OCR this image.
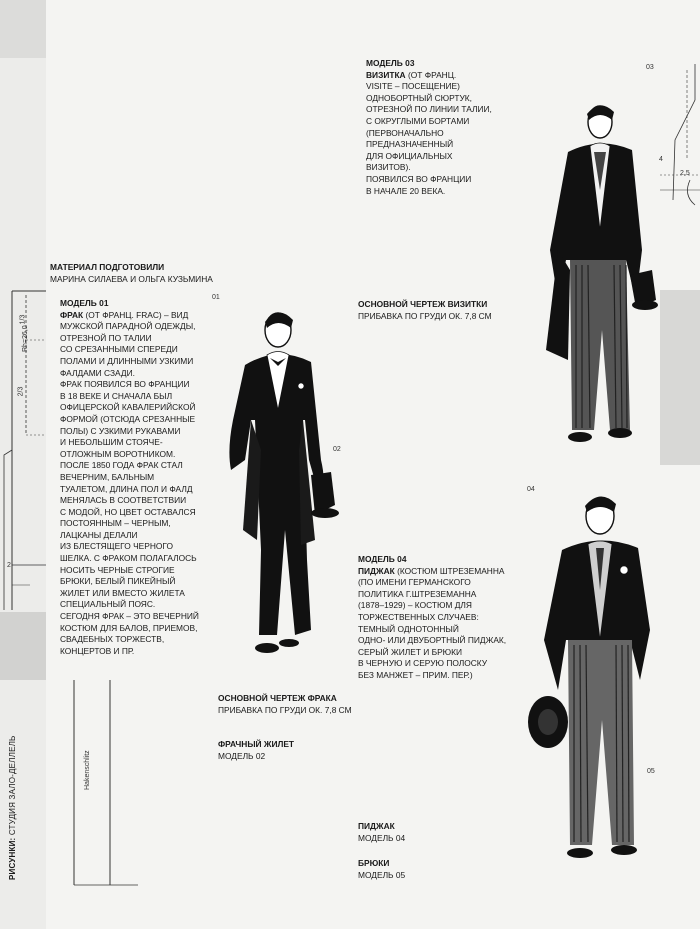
1/3
2/3
Rh=26,0
2
03
2,5
4
Hakenschlitz
РИСУНКИ: СТУДИЯ ЗАЛО-ДЕЛЛЕЛЬ
МАТЕРИАЛ ПОДГОТОВИЛИ
МАРИНА СИЛАЕВА И ОЛЬГА КУЗЬМИНА
МОДЕЛЬ 01
ФРАК (ОТ ФРАНЦ. FRAC) – ВИД
МУЖСКОЙ ПАРАДНОЙ ОДЕЖДЫ,
ОТРЕЗНОЙ ПО ТАЛИИ
СО СРЕЗАННЫМИ СПЕРЕДИ
ПОЛАМИ И ДЛИННЫМИ УЗКИМИ
ФАЛДАМИ СЗАДИ.
ФРАК ПОЯВИЛСЯ ВО ФРАНЦИИ
В 18 ВЕКЕ И СНАЧАЛА БЫЛ
ОФИЦЕРСКОЙ КАВАЛЕРИЙСКОЙ
ФОРМОЙ (ОТСЮДА СРЕЗАННЫЕ
ПОЛЫ) С УЗКИМИ РУКАВАМИ
И НЕБОЛЬШИМ СТОЯЧЕ-
ОТЛОЖНЫМ ВОРОТНИКОМ.
ПОСЛЕ 1850 ГОДА ФРАК СТАЛ
ВЕЧЕРНИМ, БАЛЬНЫМ
ТУАЛЕТОМ, ДЛИНА ПОЛ И ФАЛД
МЕНЯЛАСЬ В СООТВЕТСТВИИ
С МОДОЙ, НО ЦВЕТ ОСТАВАЛСЯ
ПОСТОЯННЫМ – ЧЕРНЫМ,
ЛАЦКАНЫ ДЕЛАЛИ
ИЗ БЛЕСТЯЩЕГО ЧЕРНОГО
ШЕЛКА. С ФРАКОМ ПОЛАГАЛОСЬ
НОСИТЬ ЧЕРНЫЕ СТРОГИЕ
БРЮКИ, БЕЛЫЙ ПИКЕЙНЫЙ
ЖИЛЕТ ИЛИ ВМЕСТО ЖИЛЕТА
СПЕЦИАЛЬНЫЙ ПОЯС.
СЕГОДНЯ ФРАК – ЭТО ВЕЧЕРНИЙ
КОСТЮМ ДЛЯ БАЛОВ, ПРИЕМОВ,
СВАДЕБНЫХ ТОРЖЕСТВ,
КОНЦЕРТОВ И ПР.
МОДЕЛЬ 03
ВИЗИТКА (ОТ ФРАНЦ.
VISITE – ПОСЕЩЕНИЕ)
ОДНОБОРТНЫЙ СЮРТУК,
ОТРЕЗНОЙ ПО ЛИНИИ ТАЛИИ,
С ОКРУГЛЫМИ БОРТАМИ
(ПЕРВОНАЧАЛЬНО
ПРЕДНАЗНАЧЕННЫЙ
ДЛЯ ОФИЦИАЛЬНЫХ
ВИЗИТОВ).
ПОЯВИЛСЯ ВО ФРАНЦИИ
В НАЧАЛЕ 20 ВЕКА.
ОСНОВНОЙ ЧЕРТЕЖ ВИЗИТКИ
ПРИБАВКА ПО ГРУДИ ОК. 7,8 СМ
МОДЕЛЬ 04
ПИДЖАК (КОСТЮМ ШТРЕЗЕМАННА
(ПО ИМЕНИ ГЕРМАНСКОГО
ПОЛИТИКА Г.ШТРЕЗЕМАННА
(1878–1929) – КОСТЮМ ДЛЯ
ТОРЖЕСТВЕННЫХ СЛУЧАЕВ:
ТЕМНЫЙ ОДНОТОННЫЙ
ОДНО- ИЛИ ДВУБОРТНЫЙ ПИДЖАК,
СЕРЫЙ ЖИЛЕТ И БРЮКИ
В ЧЕРНУЮ И СЕРУЮ ПОЛОСКУ
БЕЗ МАНЖЕТ – ПРИМ. ПЕР.)
ОСНОВНОЙ ЧЕРТЕЖ ФРАКА
ПРИБАВКА ПО ГРУДИ ОК. 7,8 СМ
ФРАЧНЫЙ ЖИЛЕТ
МОДЕЛЬ 02
ПИДЖАК
МОДЕЛЬ 04
БРЮКИ
МОДЕЛЬ 05
01
02
04
05
